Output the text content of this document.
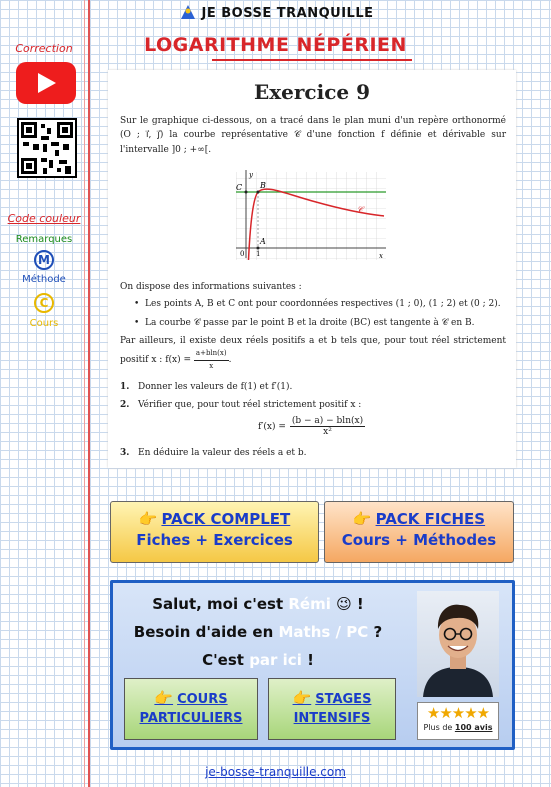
JE BOSSE TRANQUILLE
LOGARITHME NÉPÉRIEN
Correction
Code couleur
Remarques
M
Méthode
C
Cours
Exercice 9
Sur le graphique ci-dessous, on a tracé dans le plan muni d'un repère orthonormé (O ; i⃗, j⃗) la courbe représentative 𝒞 d'une fonction f définie et dérivable sur l'intervalle ]0 ; +∞[.
C B
A
𝒞
y
x
0 1
On dispose des informations suivantes :
•  Les points A, B et C ont pour coordonnées respectives (1 ; 0), (1 ; 2) et (0 ; 2).
•  La courbe 𝒞 passe par le point B et la droite (BC) est tangente à 𝒞 en B.
Par ailleurs, il existe deux réels positifs a et b tels que, pour tout réel strictement positif x : $f(x) = \frac{a+bln(x)}{x}$ .
1. Donner les valeurs de f(1) et f′(1).
2. Vérifier que, pour tout réel strictement positif x :
$f'(x) = \frac{(b - a) - bln(x)}{\text{x²}}$
3. En déduire la valeur des réels a et b.
👉 PACK COMPLET
Fiches + Exercices
👉 PACK FICHES
Cours + Méthodes
Salut, moi c'est Rémi 😉 !
Besoin d'aide en Maths / PC ?
C'est par ici !
👉 COURS
PARTICULIERS
👉 STAGES
INTENSIFS	★★★★★
Plus de 100 avis
je-bosse-tranquille.com
